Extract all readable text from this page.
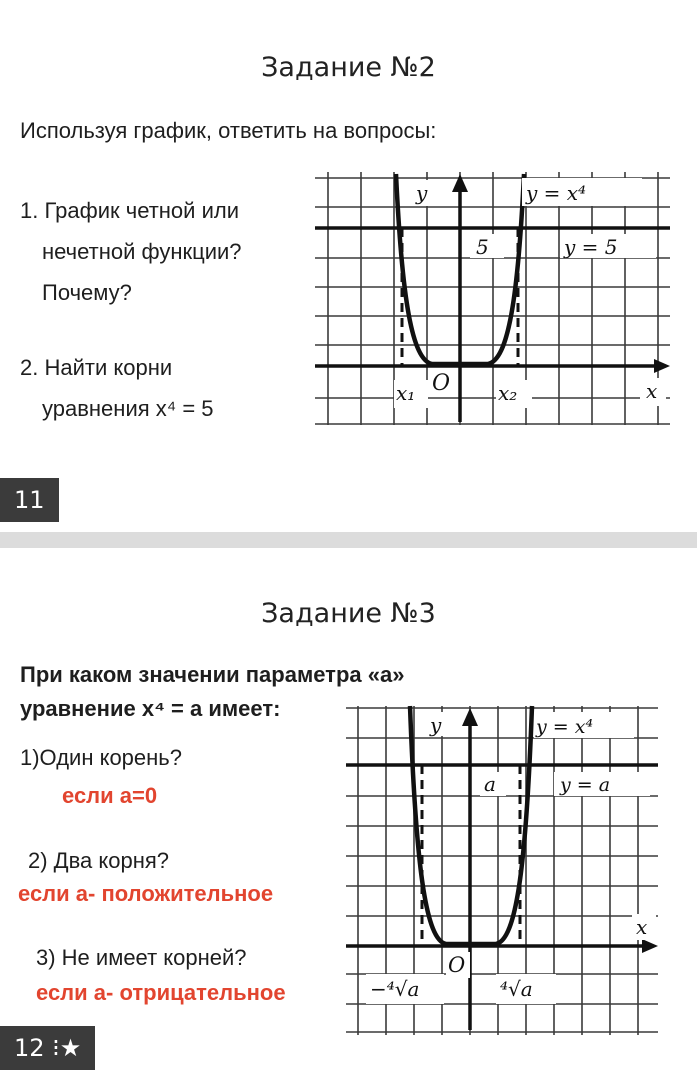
Задание №2
Используя график, ответить на вопросы:
1. График четной или
нечетной функции?
Почему?
2. Найти корни
уравнения x⁴ = 5
y	y = x⁴
5	y = 5
x₁ O x₂	x
11
Задание №3
При каком значении параметра «а»
уравнение x⁴ = а имеет:
1)Один корень?
если а=0
2) Два корня?
если а- положительное
3) Не имеет корней?
если а- отрицательное
y	y = x⁴
a	y = a
x
O
−⁴√a	⁴√a
12 ⁝★
